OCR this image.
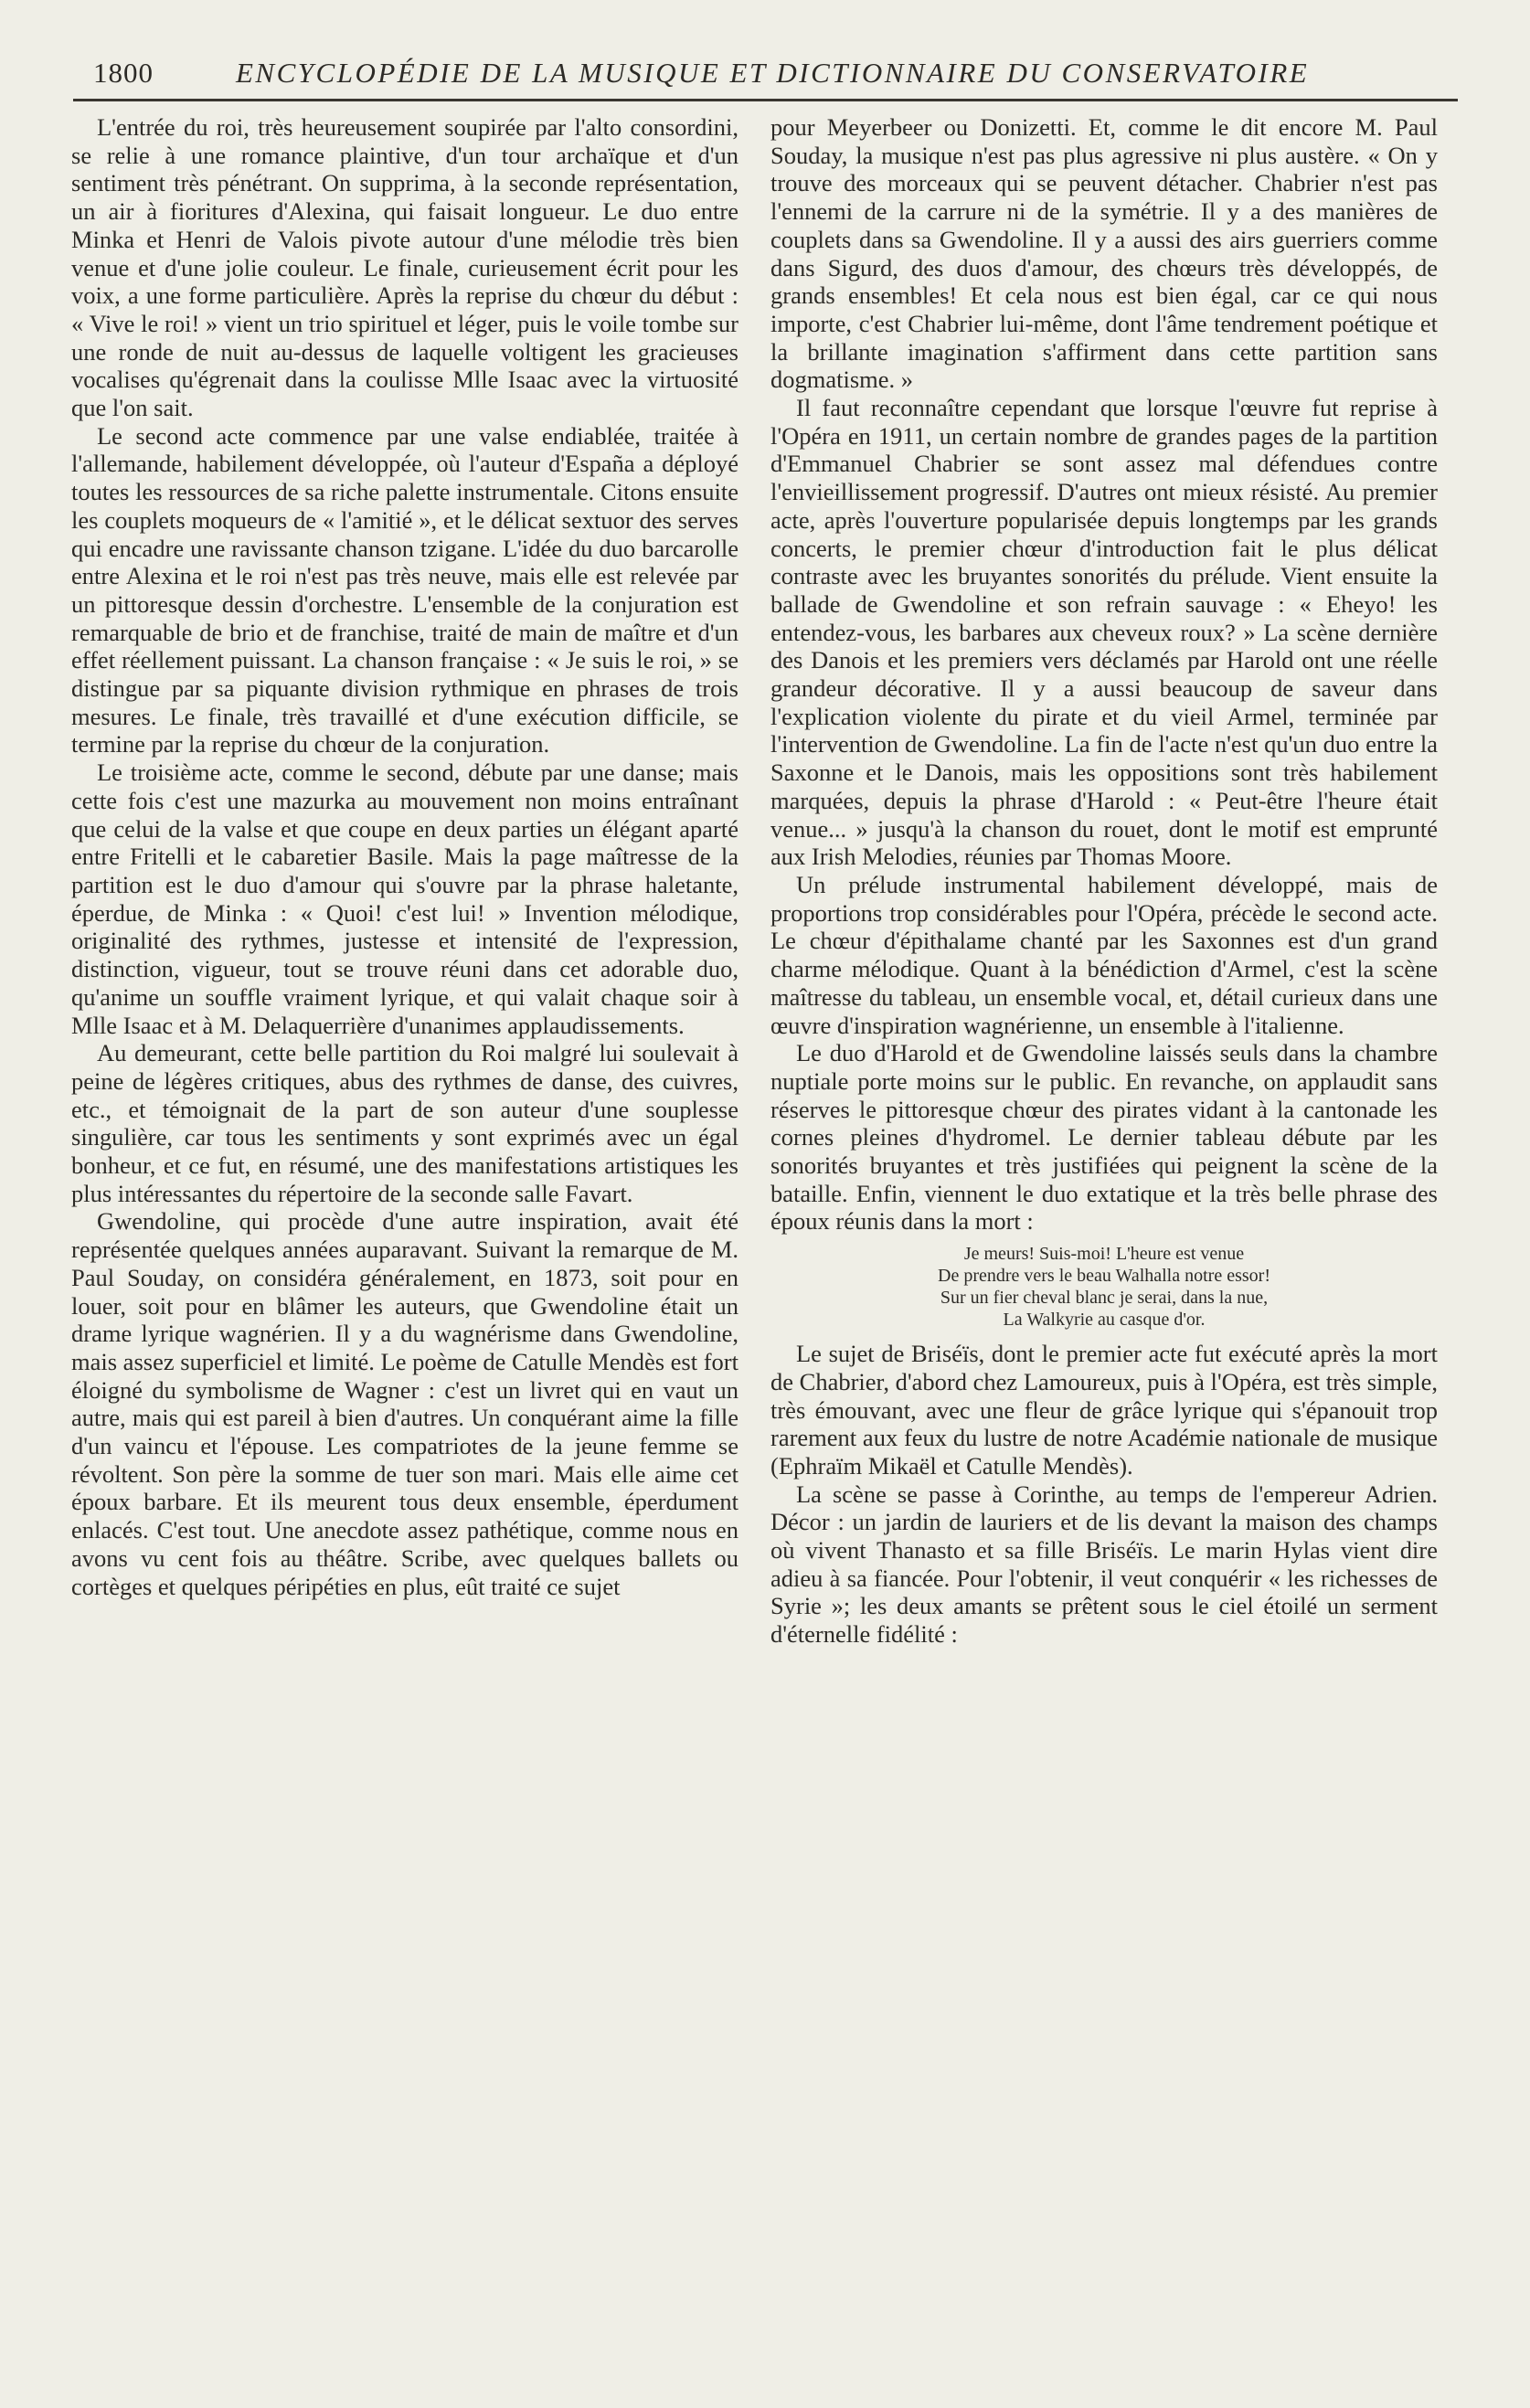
1800	ENCYCLOPÉDIE DE LA MUSIQUE ET DICTIONNAIRE DU CONSERVATOIRE

L'entrée du roi, très heureusement soupirée par l'alto consordini, se relie à une romance plaintive, d'un tour archaïque et d'un sentiment très pénétrant. On supprima, à la seconde représentation, un air à fioritures d'Alexina, qui faisait longueur. Le duo entre Minka et Henri de Valois pivote autour d'une mélodie très bien venue et d'une jolie couleur. Le finale, curieusement écrit pour les voix, a une forme particulière. Après la reprise du chœur du début : « Vive le roi! » vient un trio spirituel et léger, puis le voile tombe sur une ronde de nuit au-dessus de laquelle voltigent les gracieuses vocalises qu'égrenait dans la coulisse Mlle Isaac avec la virtuosité que l'on sait.

Le second acte commence par une valse endiablée, traitée à l'allemande, habilement développée, où l'auteur d'España a déployé toutes les ressources de sa riche palette instrumentale. Citons ensuite les couplets moqueurs de « l'amitié », et le délicat sextuor des serves qui encadre une ravissante chanson tzigane. L'idée du duo barcarolle entre Alexina et le roi n'est pas très neuve, mais elle est relevée par un pittoresque dessin d'orchestre. L'ensemble de la conjuration est remarquable de brio et de franchise, traité de main de maître et d'un effet réellement puissant. La chanson française : « Je suis le roi, » se distingue par sa piquante division rythmique en phrases de trois mesures. Le finale, très travaillé et d'une exécution difficile, se termine par la reprise du chœur de la conjuration.

Le troisième acte, comme le second, débute par une danse; mais cette fois c'est une mazurka au mouvement non moins entraînant que celui de la valse et que coupe en deux parties un élégant aparté entre Fritelli et le cabaretier Basile. Mais la page maîtresse de la partition est le duo d'amour qui s'ouvre par la phrase haletante, éperdue, de Minka : « Quoi! c'est lui! » Invention mélodique, originalité des rythmes, justesse et intensité de l'expression, distinction, vigueur, tout se trouve réuni dans cet adorable duo, qu'anime un souffle vraiment lyrique, et qui valait chaque soir à Mlle Isaac et à M. Delaquerrière d'unanimes applaudissements.

Au demeurant, cette belle partition du Roi malgré lui soulevait à peine de légères critiques, abus des rythmes de danse, des cuivres, etc., et témoignait de la part de son auteur d'une souplesse singulière, car tous les sentiments y sont exprimés avec un égal bonheur, et ce fut, en résumé, une des manifestations artistiques les plus intéressantes du répertoire de la seconde salle Favart.

Gwendoline, qui procède d'une autre inspiration, avait été représentée quelques années auparavant. Suivant la remarque de M. Paul Souday, on considéra généralement, en 1873, soit pour en louer, soit pour en blâmer les auteurs, que Gwendoline était un drame lyrique wagnérien. Il y a du wagnérisme dans Gwendoline, mais assez superficiel et limité. Le poème de Catulle Mendès est fort éloigné du symbolisme de Wagner : c'est un livret qui en vaut un autre, mais qui est pareil à bien d'autres. Un conquérant aime la fille d'un vaincu et l'épouse. Les compatriotes de la jeune femme se révoltent. Son père la somme de tuer son mari. Mais elle aime cet époux barbare. Et ils meurent tous deux ensemble, éperdument enlacés. C'est tout. Une anecdote assez pathétique, comme nous en avons vu cent fois au théâtre. Scribe, avec quelques ballets ou cortèges et quelques péripéties en plus, eût traité ce sujet

pour Meyerbeer ou Donizetti. Et, comme le dit encore M. Paul Souday, la musique n'est pas plus agressive ni plus austère. « On y trouve des morceaux qui se peuvent détacher. Chabrier n'est pas l'ennemi de la carrure ni de la symétrie. Il y a des manières de couplets dans sa Gwendoline. Il y a aussi des airs guerriers comme dans Sigurd, des duos d'amour, des chœurs très développés, de grands ensembles! Et cela nous est bien égal, car ce qui nous importe, c'est Chabrier lui-même, dont l'âme tendrement poétique et la brillante imagination s'affirment dans cette partition sans dogmatisme. »

Il faut reconnaître cependant que lorsque l'œuvre fut reprise à l'Opéra en 1911, un certain nombre de grandes pages de la partition d'Emmanuel Chabrier se sont assez mal défendues contre l'envieillissement progressif. D'autres ont mieux résisté. Au premier acte, après l'ouverture popularisée depuis longtemps par les grands concerts, le premier chœur d'introduction fait le plus délicat contraste avec les bruyantes sonorités du prélude. Vient ensuite la ballade de Gwendoline et son refrain sauvage : « Eheyo! les entendez-vous, les barbares aux cheveux roux? » La scène dernière des Danois et les premiers vers déclamés par Harold ont une réelle grandeur décorative. Il y a aussi beaucoup de saveur dans l'explication violente du pirate et du vieil Armel, terminée par l'intervention de Gwendoline. La fin de l'acte n'est qu'un duo entre la Saxonne et le Danois, mais les oppositions sont très habilement marquées, depuis la phrase d'Harold : « Peut-être l'heure était venue... » jusqu'à la chanson du rouet, dont le motif est emprunté aux Irish Melodies, réunies par Thomas Moore.

Un prélude instrumental habilement développé, mais de proportions trop considérables pour l'Opéra, précède le second acte. Le chœur d'épithalame chanté par les Saxonnes est d'un grand charme mélodique. Quant à la bénédiction d'Armel, c'est la scène maîtresse du tableau, un ensemble vocal, et, détail curieux dans une œuvre d'inspiration wagnérienne, un ensemble à l'italienne.

Le duo d'Harold et de Gwendoline laissés seuls dans la chambre nuptiale porte moins sur le public. En revanche, on applaudit sans réserves le pittoresque chœur des pirates vidant à la cantonade les cornes pleines d'hydromel. Le dernier tableau débute par les sonorités bruyantes et très justifiées qui peignent la scène de la bataille. Enfin, viennent le duo extatique et la très belle phrase des époux réunis dans la mort :

Je meurs! Suis-moi! L'heure est venue
De prendre vers le beau Walhalla notre essor!
Sur un fier cheval blanc je serai, dans la nue,
La Walkyrie au casque d'or.

Le sujet de Briséïs, dont le premier acte fut exécuté après la mort de Chabrier, d'abord chez Lamoureux, puis à l'Opéra, est très simple, très émouvant, avec une fleur de grâce lyrique qui s'épanouit trop rarement aux feux du lustre de notre Académie nationale de musique (Ephraïm Mikaël et Catulle Mendès).

La scène se passe à Corinthe, au temps de l'empereur Adrien. Décor : un jardin de lauriers et de lis devant la maison des champs où vivent Thanasto et sa fille Briséïs. Le marin Hylas vient dire adieu à sa fiancée. Pour l'obtenir, il veut conquérir « les richesses de Syrie »; les deux amants se prêtent sous le ciel étoilé un serment d'éternelle fidélité :
